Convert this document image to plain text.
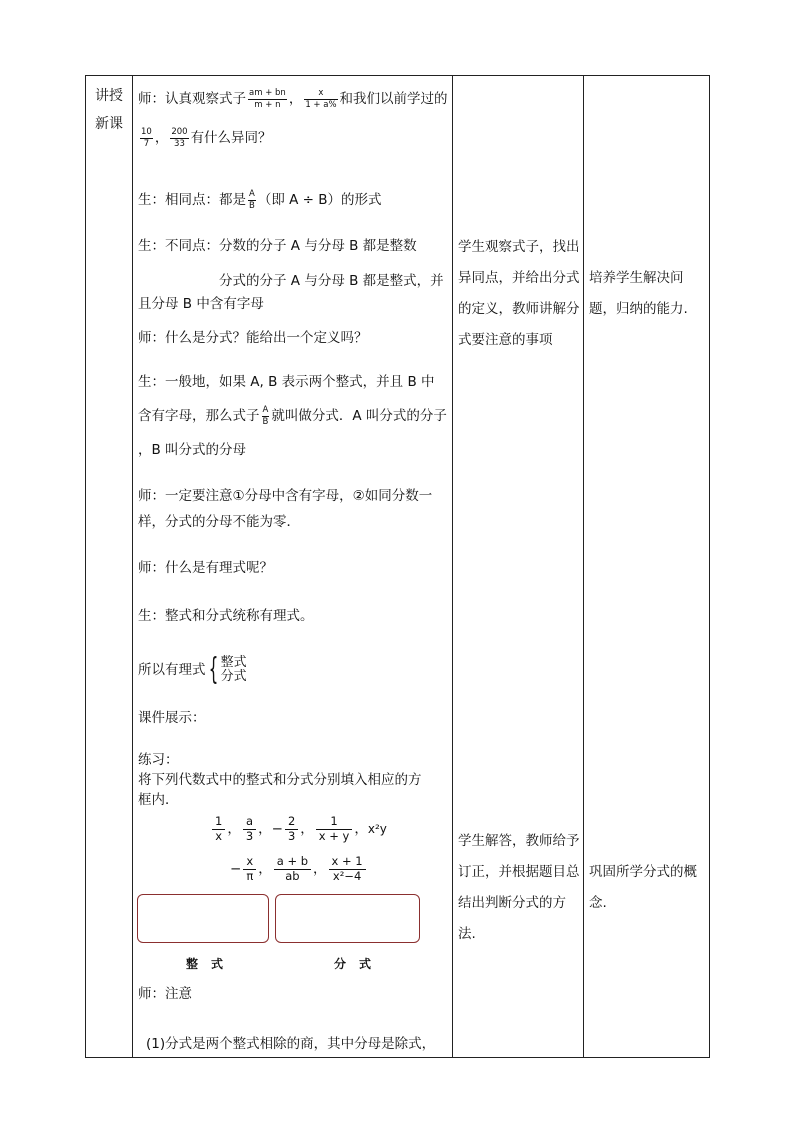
讲授
新课
师：认真观察式子 $\frac{am + bn}{m + n}$ ， $\frac{x}{1 + a\%}$ 和我们以前学过的
$\frac{10}{7}$ ， $\frac{200}{33}$ 有什么异同？
生：相同点：都是 $\frac{A}{B}$ （即 A ÷ B）的形式
生：不同点：分数的分子 A 与分母 B 都是整数
分式的分子 A 与分母 B 都是整式，并
且分母 B 中含有字母
师：什么是分式？能给出一个定义吗？
生：一般地，如果 A, B 表示两个整式，并且 B 中
含有字母，那么式子 $\frac{A}{B}$ 就叫做分式．A 叫分式的分子
，B 叫分式的分母
师：一定要注意①分母中含有字母，②如同分数一
样，分式的分母不能为零．
师：什么是有理式呢？
生：整式和分式统称有理式。
所以有理式{ 整式
分式
课件展示：
练习：
将下列代数式中的整式和分式分别填入相应的方
框内．
$\frac{1}{x}$ ， $\frac{a}{3}$ ，− $\frac{2}{3}$ ， $\frac{1}{x + y}$ ，x²y
− $\frac{x}{\pi}$ ， $\frac{a + b}{ab}$ ， $\frac{x + 1}{\text{x²−4}}$
整　式	分　式
师：注意
(1)分式是两个整式相除的商，其中分母是除式，
学生观察式子，找出异同点，并给出分式的定义，教师讲解分式要注意的事项
学生解答，教师给予订正，并根据题目总结出判断分式的方法.
培养学生解决问题，归纳的能力.
巩固所学分式的概念.
